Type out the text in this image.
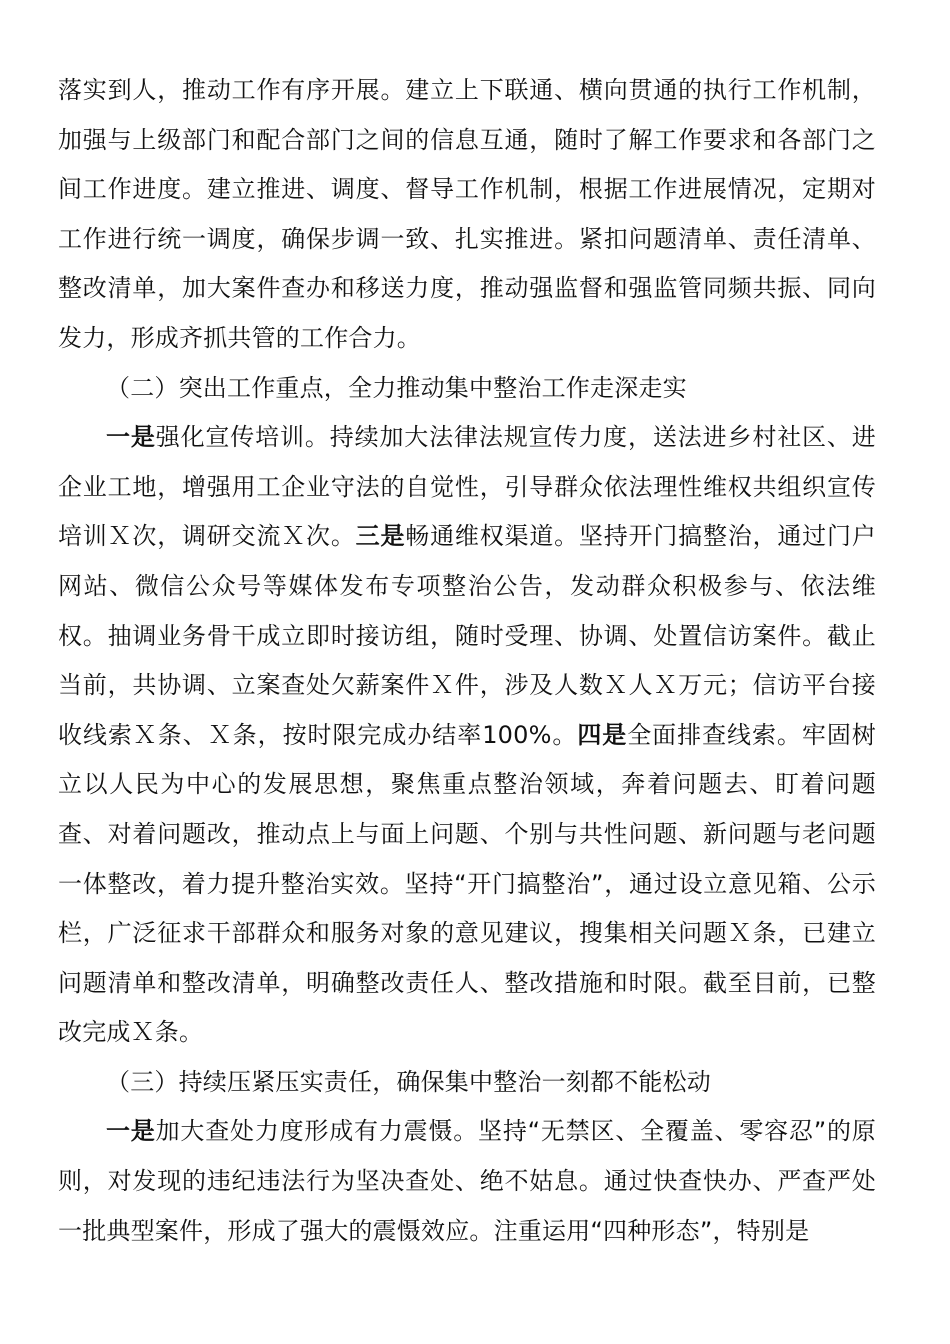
落实到人，推动工作有序开展。建立上下联通、横向贯通的执行工作机制，加强与上级部门和配合部门之间的信息互通，随时了解工作要求和各部门之间工作进度。建立推进、调度、督导工作机制，根据工作进展情况，定期对工作进行统一调度，确保步调一致、扎实推进。紧扣问题清单、责任清单、整改清单，加大案件查办和移送力度，推动强监督和强监管同频共振、同向发力，形成齐抓共管的工作合力。

（二）突出工作重点，全力推动集中整治工作走深走实

一是强化宣传培训。持续加大法律法规宣传力度，送法进乡村社区、进企业工地，增强用工企业守法的自觉性，引导群众依法理性维权共组织宣传培训Ｘ次，调研交流Ｘ次。三是畅通维权渠道。坚持开门搞整治，通过门户网站、微信公众号等媒体发布专项整治公告，发动群众积极参与、依法维权。抽调业务骨干成立即时接访组，随时受理、协调、处置信访案件。截止当前，共协调、立案查处欠薪案件Ｘ件，涉及人数Ｘ人Ｘ万元；信访平台接收线索Ｘ条、Ｘ条，按时限完成办结率100%。四是全面排查线索。牢固树立以人民为中心的发展思想，聚焦重点整治领域，奔着问题去、盯着问题查、对着问题改，推动点上与面上问题、个别与共性问题、新问题与老问题一体整改，着力提升整治实效。坚持“开门搞整治”，通过设立意见箱、公示栏，广泛征求干部群众和服务对象的意见建议，搜集相关问题Ｘ条，已建立问题清单和整改清单，明确整改责任人、整改措施和时限。截至目前，已整改完成Ｘ条。

（三）持续压紧压实责任，确保集中整治一刻都不能松动

一是加大查处力度形成有力震慑。坚持“无禁区、全覆盖、零容忍”的原则，对发现的违纪违法行为坚决查处、绝不姑息。通过快查快办、严查严处一批典型案件，形成了强大的震慑效应。注重运用“四种形态”，特别是
